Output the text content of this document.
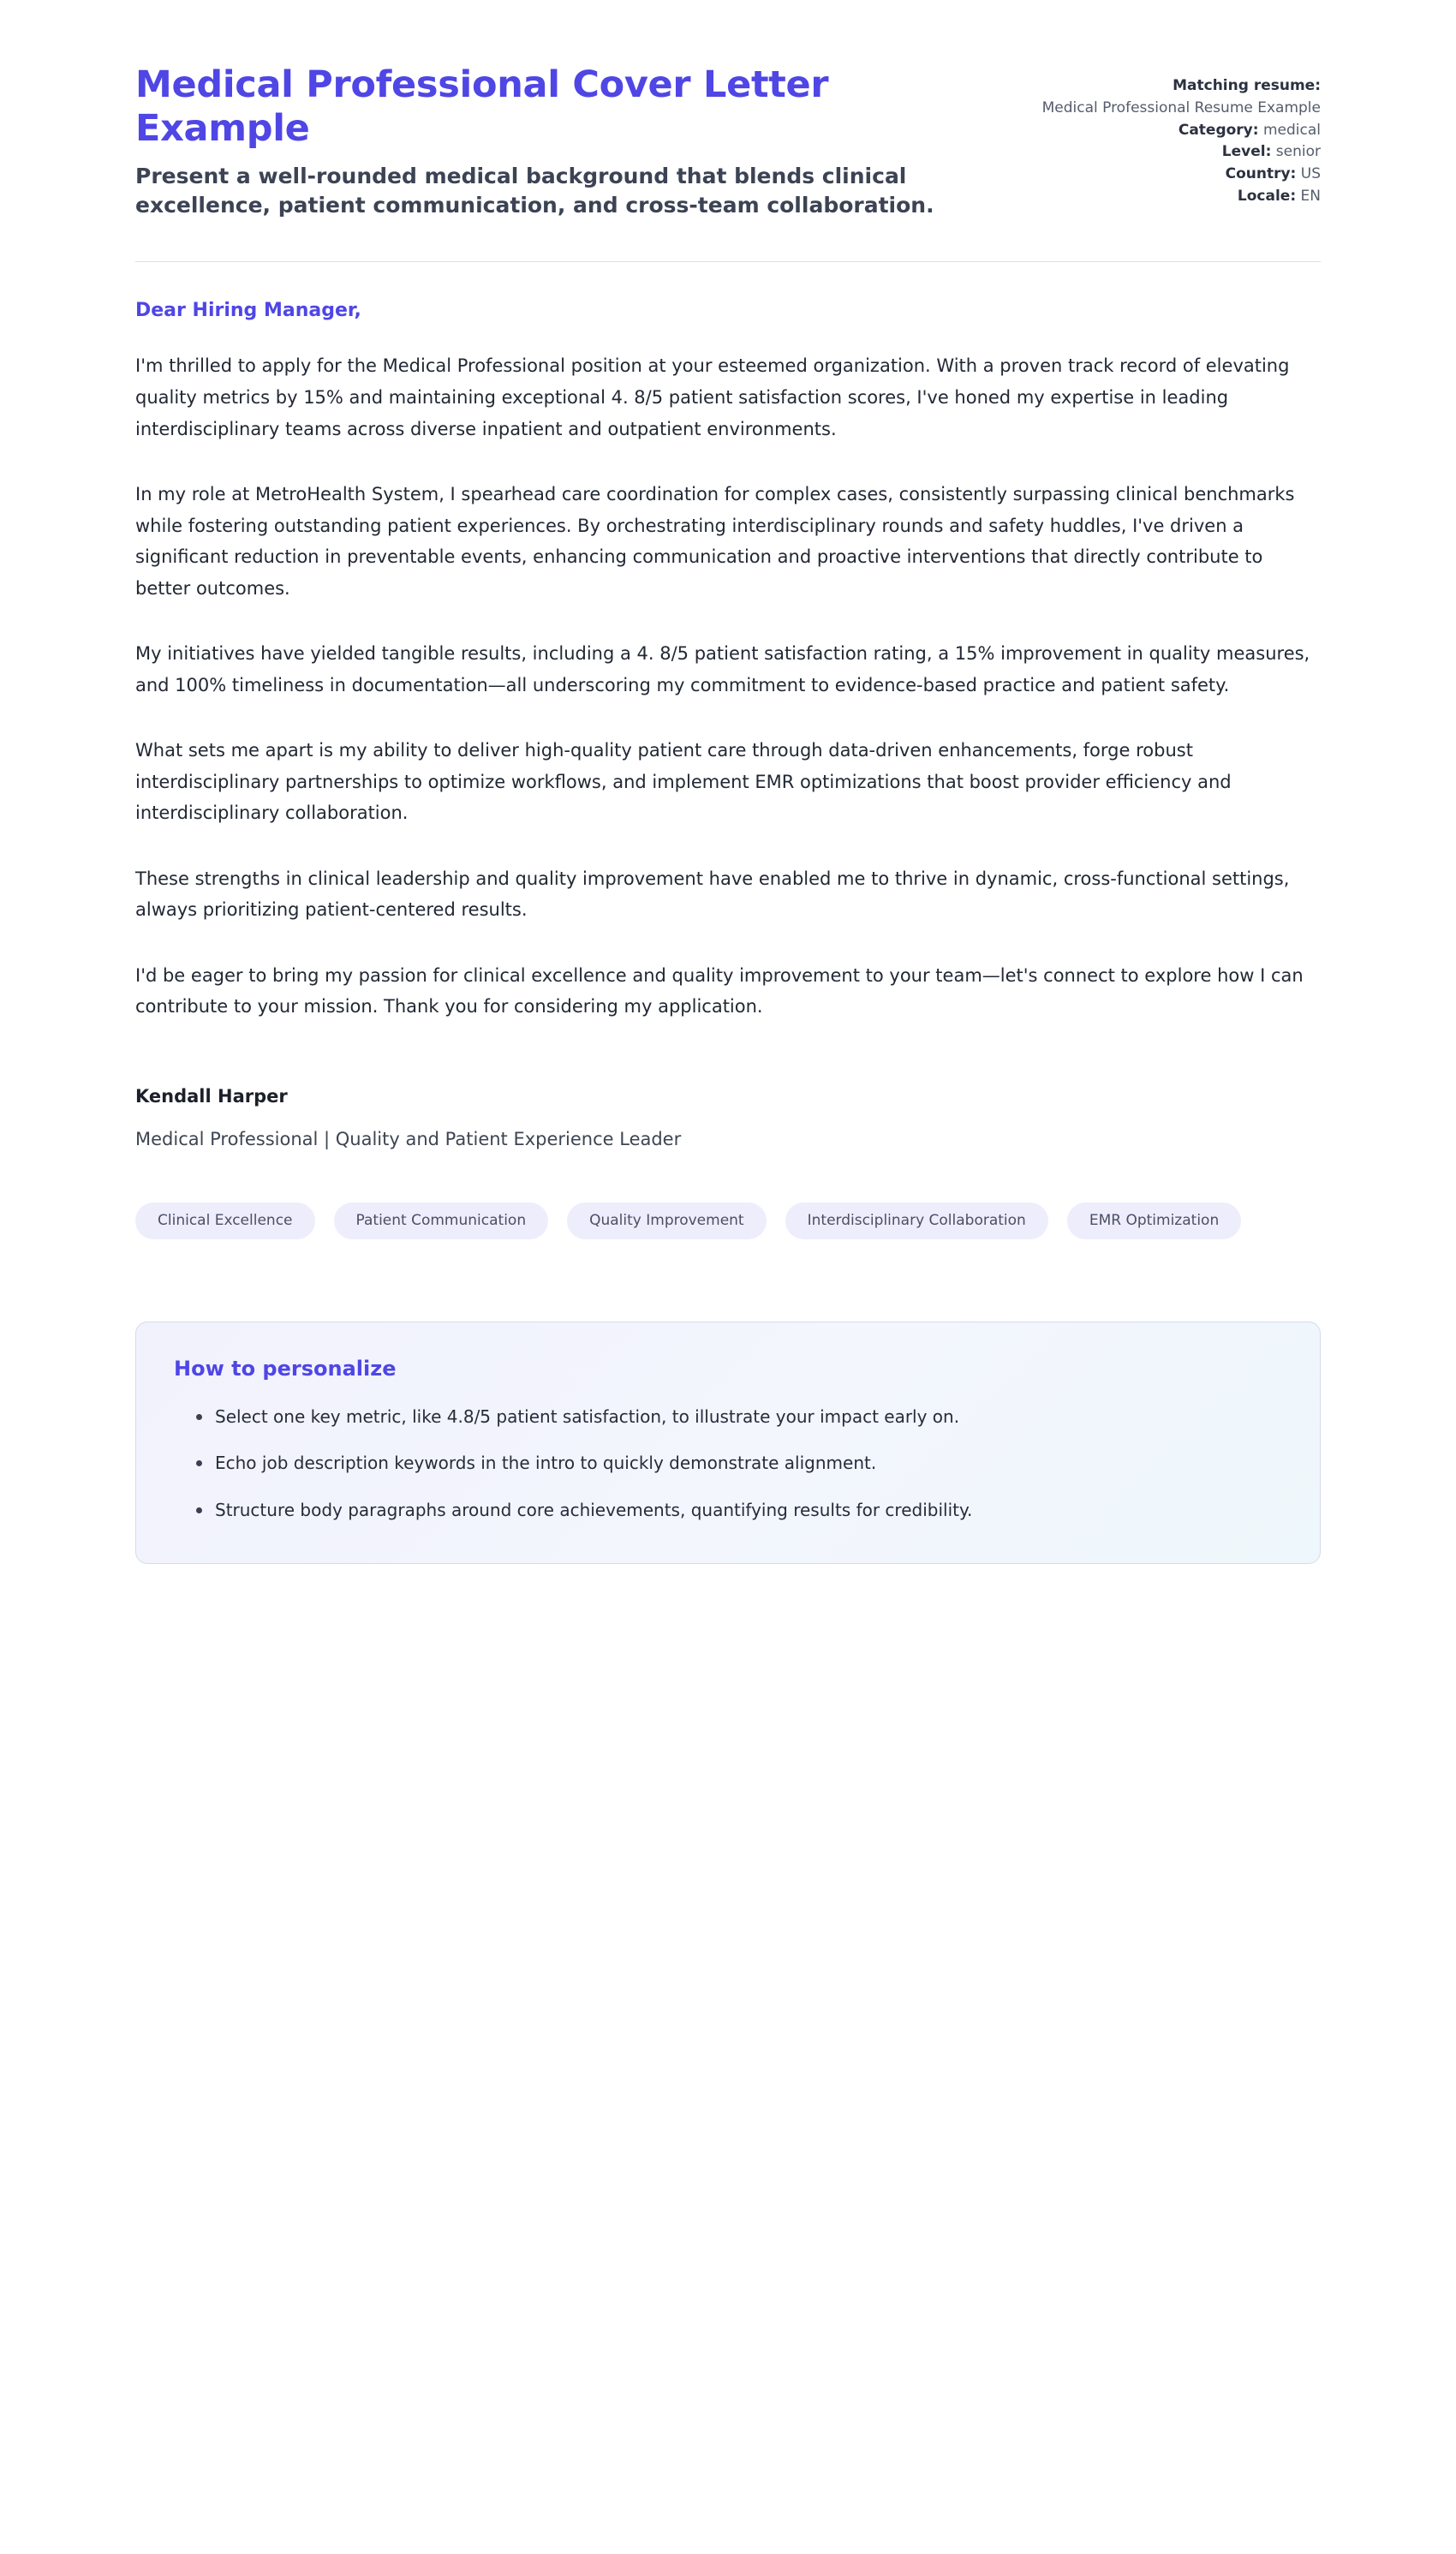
Medical Professional Cover Letter Example

Present a well-rounded medical background that blends clinical excellence, patient communication, and cross-team collaboration.

Matching resume:
Medical Professional Resume Example
Category: medical
Level: senior
Country: US
Locale: EN

Dear Hiring Manager,

I'm thrilled to apply for the Medical Professional position at your esteemed organization. With a proven track record of elevating quality metrics by 15% and maintaining exceptional 4. 8/5 patient satisfaction scores, I've honed my expertise in leading interdisciplinary teams across diverse inpatient and outpatient environments.

In my role at MetroHealth System, I spearhead care coordination for complex cases, consistently surpassing clinical benchmarks while fostering outstanding patient experiences. By orchestrating interdisciplinary rounds and safety huddles, I've driven a significant reduction in preventable events, enhancing communication and proactive interventions that directly contribute to better outcomes.

My initiatives have yielded tangible results, including a 4. 8/5 patient satisfaction rating, a 15% improvement in quality measures, and 100% timeliness in documentation—all underscoring my commitment to evidence-based practice and patient safety.

What sets me apart is my ability to deliver high-quality patient care through data-driven enhancements, forge robust interdisciplinary partnerships to optimize workflows, and implement EMR optimizations that boost provider efficiency and interdisciplinary collaboration.

These strengths in clinical leadership and quality improvement have enabled me to thrive in dynamic, cross-functional settings, always prioritizing patient-centered results.

I'd be eager to bring my passion for clinical excellence and quality improvement to your team—let's connect to explore how I can contribute to your mission. Thank you for considering my application.

Kendall Harper

Medical Professional | Quality and Patient Experience Leader

Clinical Excellence	Patient Communication	Quality Improvement	Interdisciplinary Collaboration	EMR Optimization
How to personalize
Select one key metric, like 4.8/5 patient satisfaction, to illustrate your impact early on.
Echo job description keywords in the intro to quickly demonstrate alignment.
Structure body paragraphs around core achievements, quantifying results for credibility.
